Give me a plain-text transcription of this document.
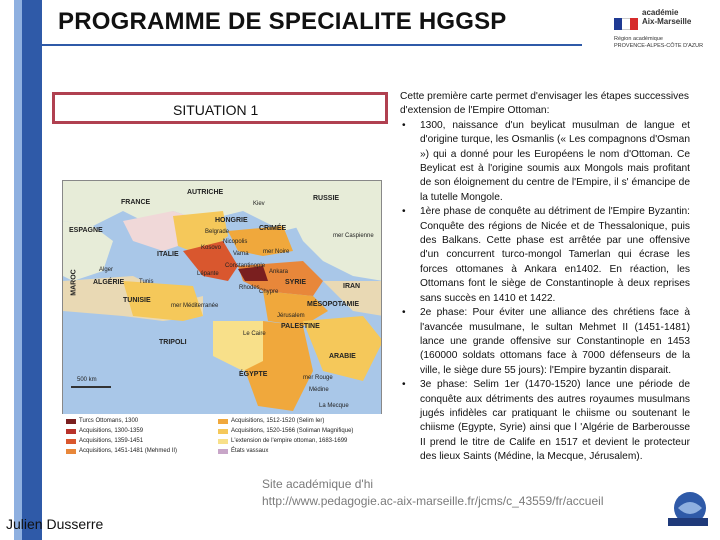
PROGRAMME DE SPECIALITE HGGSP	académie
Aix-Marseille
Région académique
PROVENCE-ALPES-CÔTE D'AZUR
SITUATION 1
AUTRICHE
FRANCE
RUSSIE
HONGRIE
CRIMÉE
ESPAGNE
ITALIE
MAROC ALGÉRIE
TUNISIE
TRIPOLI
SYRIE
IRAN
MÉSOPOTAMIE
PALESTINE
ARABIE
ÉGYPTE
mer Noire
mer Caspienne
mer Méditerranée
Kiev
Belgrade
Nicopolis
Kosovo
Varna
Constantinople
Ankara
Chypre
Le Caire
Médine
La Mecque
Rhodes
Alger
Tunis
Lépante
Jérusalem
mer Rouge
500 km
Turcs Ottomans, 1300
Acquisitions, 1300-1359
Acquisitions, 1359-1451
Acquisitions, 1451-1481 (Mehmed II)
Acquisitions, 1512-1520 (Selim Ier)
Acquisitions, 1520-1566 (Soliman Magnifique)
L'extension de l'empire ottoman, 1683-1699
États vassaux
Cette première carte permet d'envisager les étapes successives d'extension de l'Empire Ottoman:
• 1300, naissance d'un beylicat musulman de langue et d'origine turque, les Osmanlis (« Les compagnons d'Osman ») qui a donné pour les Européens le nom d'Ottoman. Ce Beylicat est à l'origine soumis aux Mongols mais profitant de son éloignement du centre de l'Empire, il s' émancipe de la tutelle Mongole.
• 1ère phase de conquête au détriment de l'Empire Byzantin: Conquête des régions de Nicée et de Thessalonique, puis des Balkans. Cette phase est arrêtée par une offensive d'un concurrent turco-mongol Tamerlan qui écrase les forces ottomanes à Ankara en1402. En réaction, les Ottomans font le siège de Constantinople à deux reprises sans succès en 1410 et 1422.
• 2e phase: Pour éviter une alliance des chrétiens face à l'avancée musulmane, le sultan Mehmet II (1451-1481) lance une grande offensive sur Constantinople en 1453 (160000 soldats ottomans face à 7000 défenseurs de la ville, le siège dure 55 jours): l'Empire byzantin disparait.
• 3e phase: Selim 1er (1470-1520) lance une période de conquête aux détriments des autres royaumes musulmans jugés infidèles car pratiquant le chiisme ou soutenant le chiisme (Egypte, Syrie) ainsi que l 'Algérie de Barberousse II prend le titre de Calife en 1517 et devient le protecteur des lieux Saints (Médine, la Mecque, Jérusalem).
Julien Dusserre
Site académique d'hi
http://www.pedagogie.ac-aix-marseille.fr/jcms/c_43559/fr/accueil
